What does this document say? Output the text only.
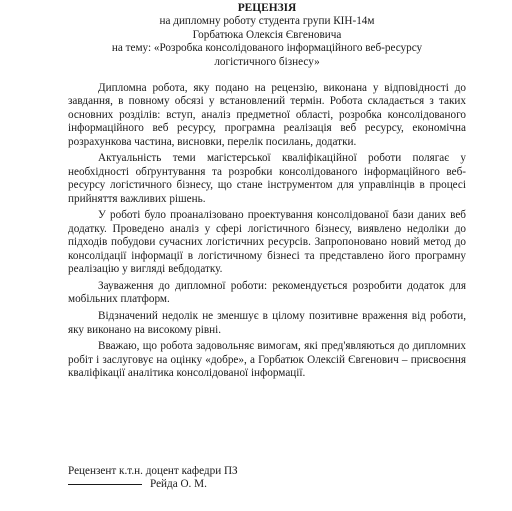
РЕЦЕНЗІЯ
на дипломну роботу студента групи КІН-14м
Горбатюка Олексія Євгеновича
на тему: «Розробка консолідованого інформаційного веб-ресурсу
логістичного бізнесу»

Дипломна робота, яку подано на рецензію, виконана у відповідності до завдання, в повному обсязі у встановлений термін. Робота складається з таких основних розділів: вступ, аналіз предметної області, розробка консолідованого інформаційного веб ресурсу, програмна реалізація веб ресурсу, економічна розрахункова частина, висновки, перелік посилань, додатки.

Актуальність теми магістерської кваліфікаційної роботи полягає у необхідності обґрунтування та розробки консолідованого інформаційного веб-ресурсу логістичного бізнесу, що стане інструментом для управлінців в процесі прийняття важливих рішень.

У роботі було проаналізовано проектування консолідованої бази даних веб додатку. Проведено аналіз у сфері логістичного бізнесу, виявлено недоліки до підходів побудови сучасних логістичних ресурсів. Запропоновано новий метод до консолідації інформації в логістичному бізнесі та представлено його програмну реалізацію у вигляді вебдодатку.

Зауваження до дипломної роботи: рекомендується розробити додаток для мобільних платформ.

Відзначений недолік не зменшує в цілому позитивне враження від роботи, яку виконано на високому рівні.

Вважаю, що робота задовольняє вимогам, які пред'являються до дипломних робіт і заслуговує на оцінку «добре», а Горбатюк Олексій Євгенович – присвоєння кваліфікації аналітика консолідованої інформації.

Рецензент к.т.н. доцент кафедри ПЗ
Рейда О. М.
